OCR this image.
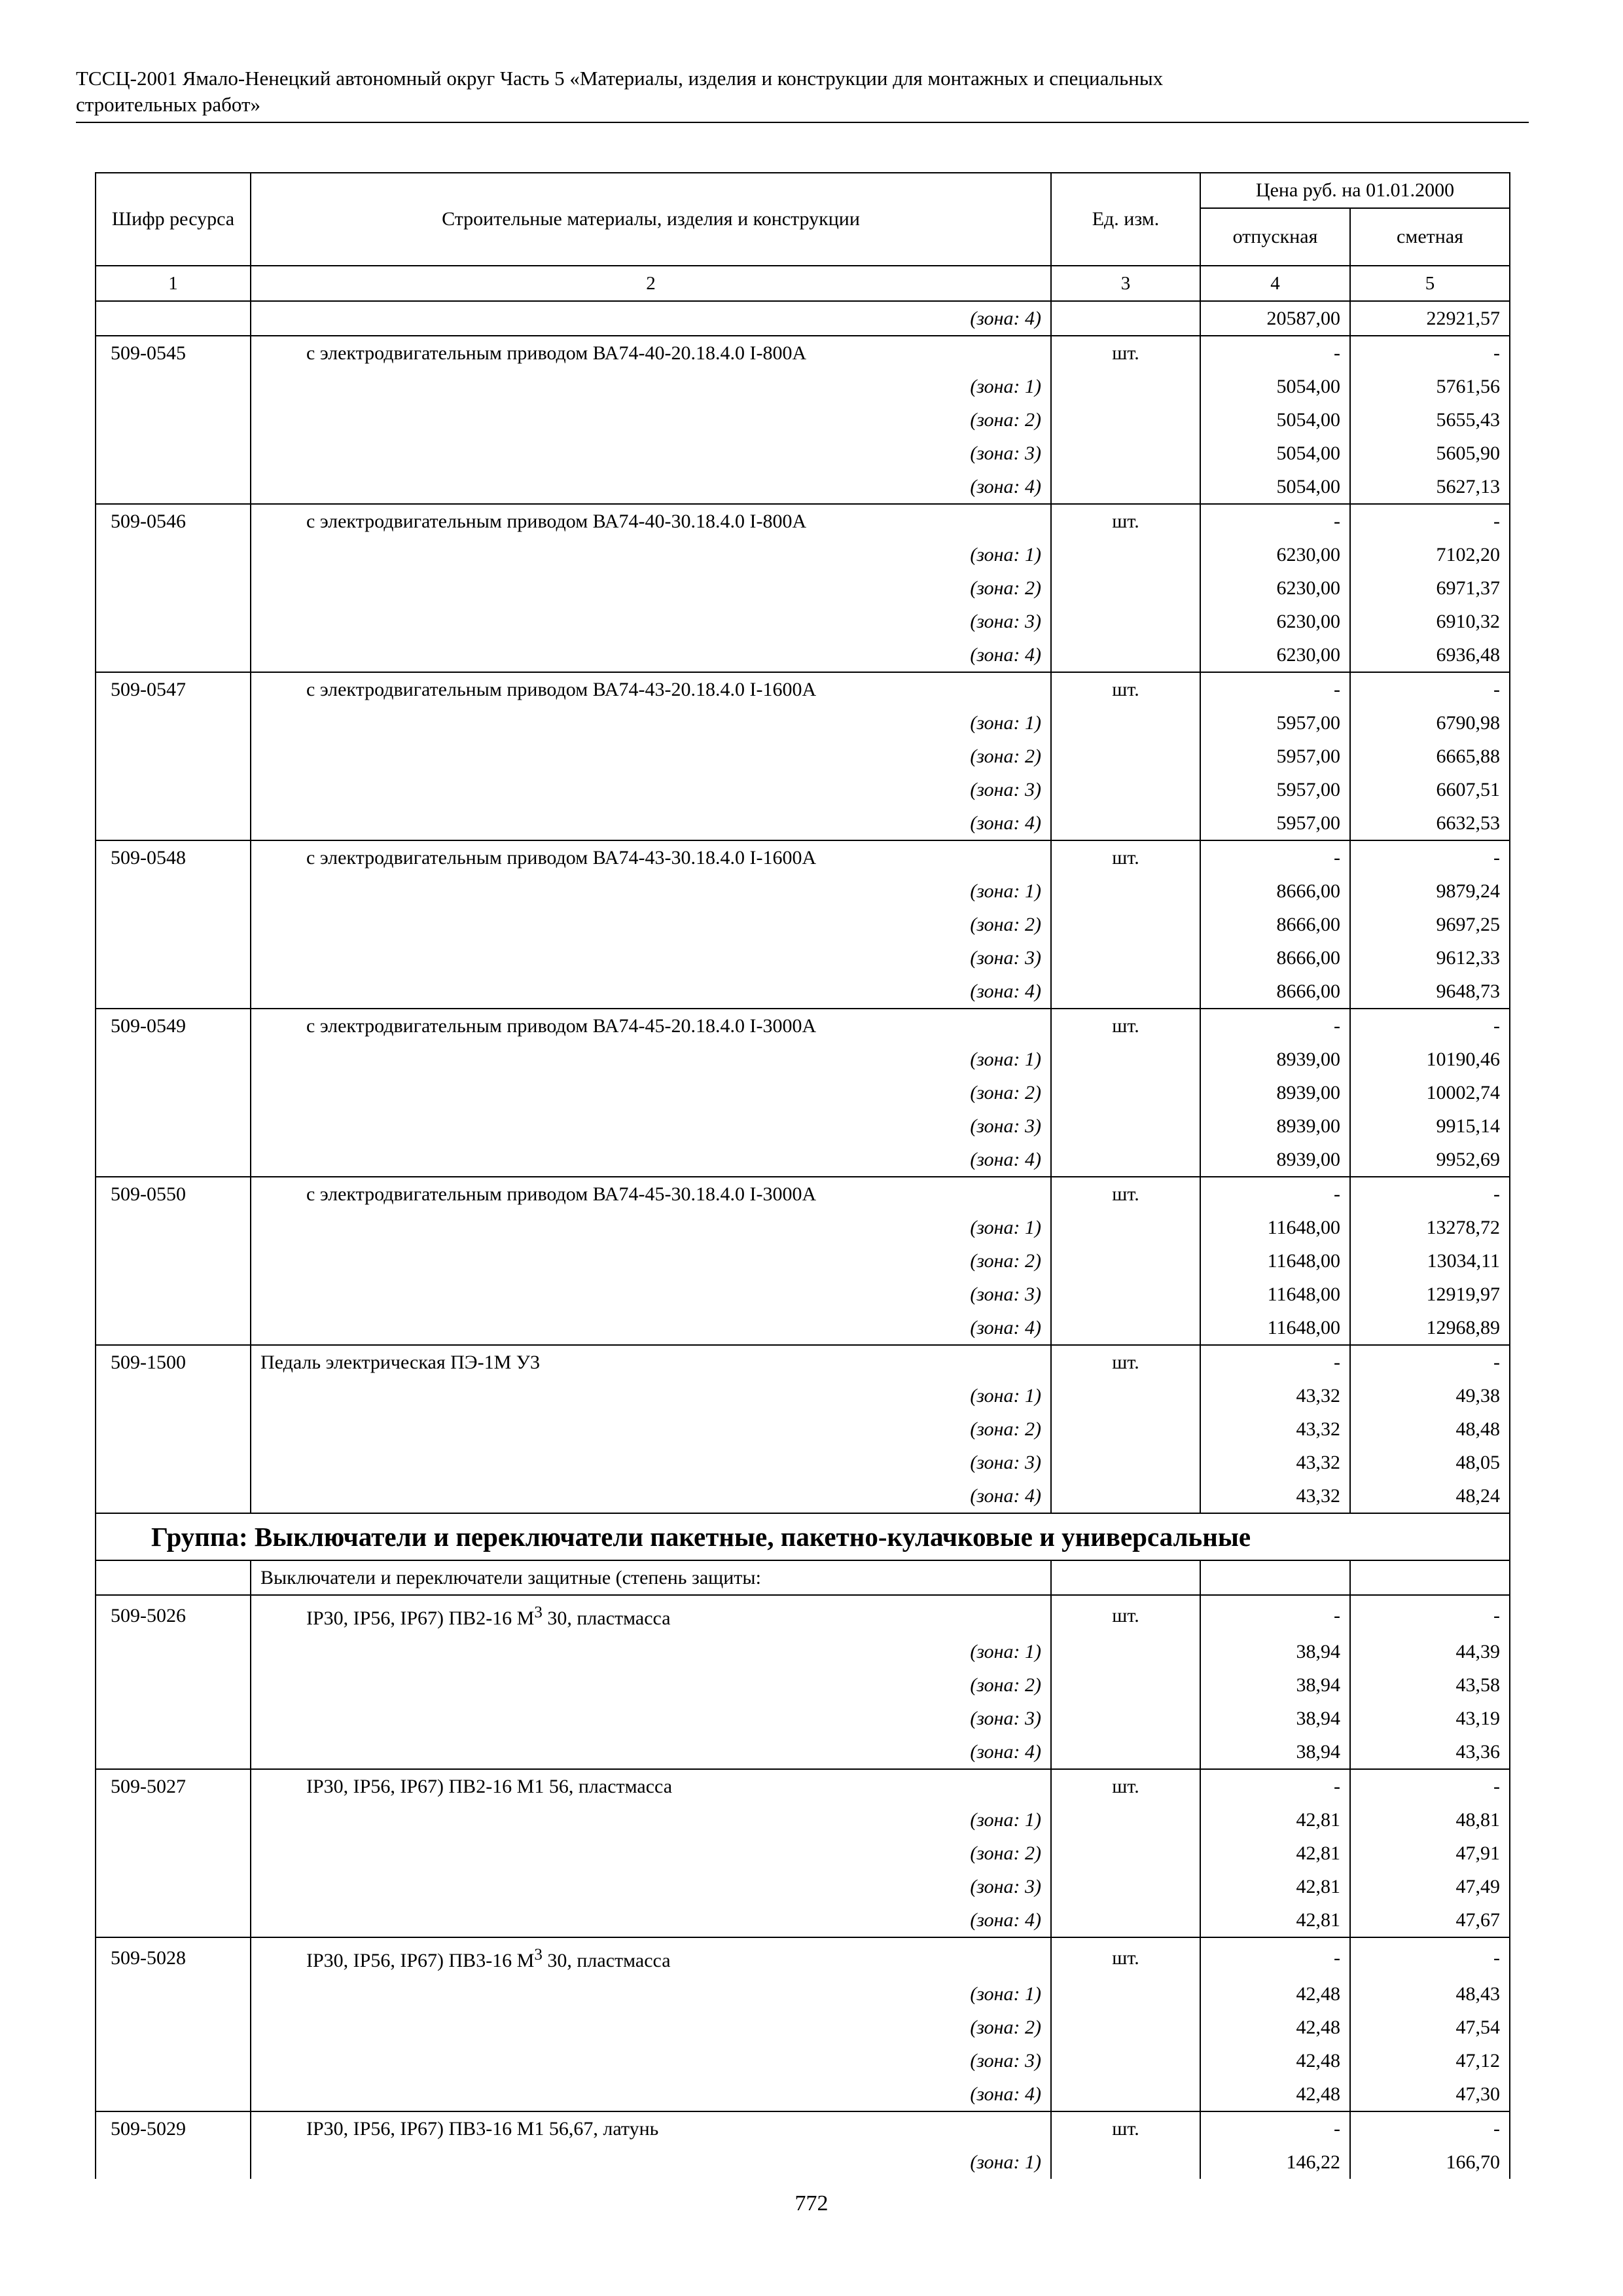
ТССЦ-2001 Ямало-Ненецкий автономный округ Часть 5 «Материалы, изделия и конструкции для монтажных и специальных
строительных работ»
Шифр ресурса	Строительные материалы, изделия и конструкции	Ед. изм.	Цена руб. на 01.01.2000	
			отпускная	сметная
1	2	3	4	5
	(зона: 4)		20587,00	22921,57
509-0545	с электродвигательным приводом ВА74-40-20.18.4.0 I-800А	шт.	-	-
	(зона: 1)		5054,00	5761,56
	(зона: 2)		5054,00	5655,43
	(зона: 3)		5054,00	5605,90
	(зона: 4)		5054,00	5627,13
509-0546	с электродвигательным приводом ВА74-40-30.18.4.0 I-800А	шт.	-	-
	(зона: 1)		6230,00	7102,20
	(зона: 2)		6230,00	6971,37
	(зона: 3)		6230,00	6910,32
	(зона: 4)		6230,00	6936,48
509-0547	с электродвигательным приводом ВА74-43-20.18.4.0 I-1600А	шт.	-	-
	(зона: 1)		5957,00	6790,98
	(зона: 2)		5957,00	6665,88
	(зона: 3)		5957,00	6607,51
	(зона: 4)		5957,00	6632,53
509-0548	с электродвигательным приводом ВА74-43-30.18.4.0 I-1600А	шт.	-	-
	(зона: 1)		8666,00	9879,24
	(зона: 2)		8666,00	9697,25
	(зона: 3)		8666,00	9612,33
	(зона: 4)		8666,00	9648,73
509-0549	с электродвигательным приводом ВА74-45-20.18.4.0 I-3000А	шт.	-	-
	(зона: 1)		8939,00	10190,46
	(зона: 2)		8939,00	10002,74
	(зона: 3)		8939,00	9915,14
	(зона: 4)		8939,00	9952,69
509-0550	с электродвигательным приводом ВА74-45-30.18.4.0 I-3000А	шт.	-	-
	(зона: 1)		11648,00	13278,72
	(зона: 2)		11648,00	13034,11
	(зона: 3)		11648,00	12919,97
	(зона: 4)		11648,00	12968,89
509-1500	Педаль электрическая ПЭ-1М У3	шт.	-	-
	(зона: 1)		43,32	49,38
	(зона: 2)		43,32	48,48
	(зона: 3)		43,32	48,05
	(зона: 4)		43,32	48,24
Группа: Выключатели и переключатели пакетные, пакетно-кулачковые и универсальные				
	Выключатели и переключатели защитные (степень защиты:			
509-5026	IP30, IP56, IP67) ПВ2-16 $М^3$ 30, пластмасса	шт.	-	-
	(зона: 1)		38,94	44,39
	(зона: 2)		38,94	43,58
	(зона: 3)		38,94	43,19
	(зона: 4)		38,94	43,36
509-5027	IP30, IP56, IP67) ПВ2-16 М1 56, пластмасса	шт.	-	-
	(зона: 1)		42,81	48,81
	(зона: 2)		42,81	47,91
	(зона: 3)		42,81	47,49
	(зона: 4)		42,81	47,67
509-5028	IP30, IP56, IP67) ПВ3-16 $М^3$ 30, пластмасса	шт.	-	-
	(зона: 1)		42,48	48,43
	(зона: 2)		42,48	47,54
	(зона: 3)		42,48	47,12
	(зона: 4)		42,48	47,30
509-5029	IP30, IP56, IP67) ПВ3-16 М1 56,67, латунь	шт.	-	-
	(зона: 1)		146,22	166,70
772
